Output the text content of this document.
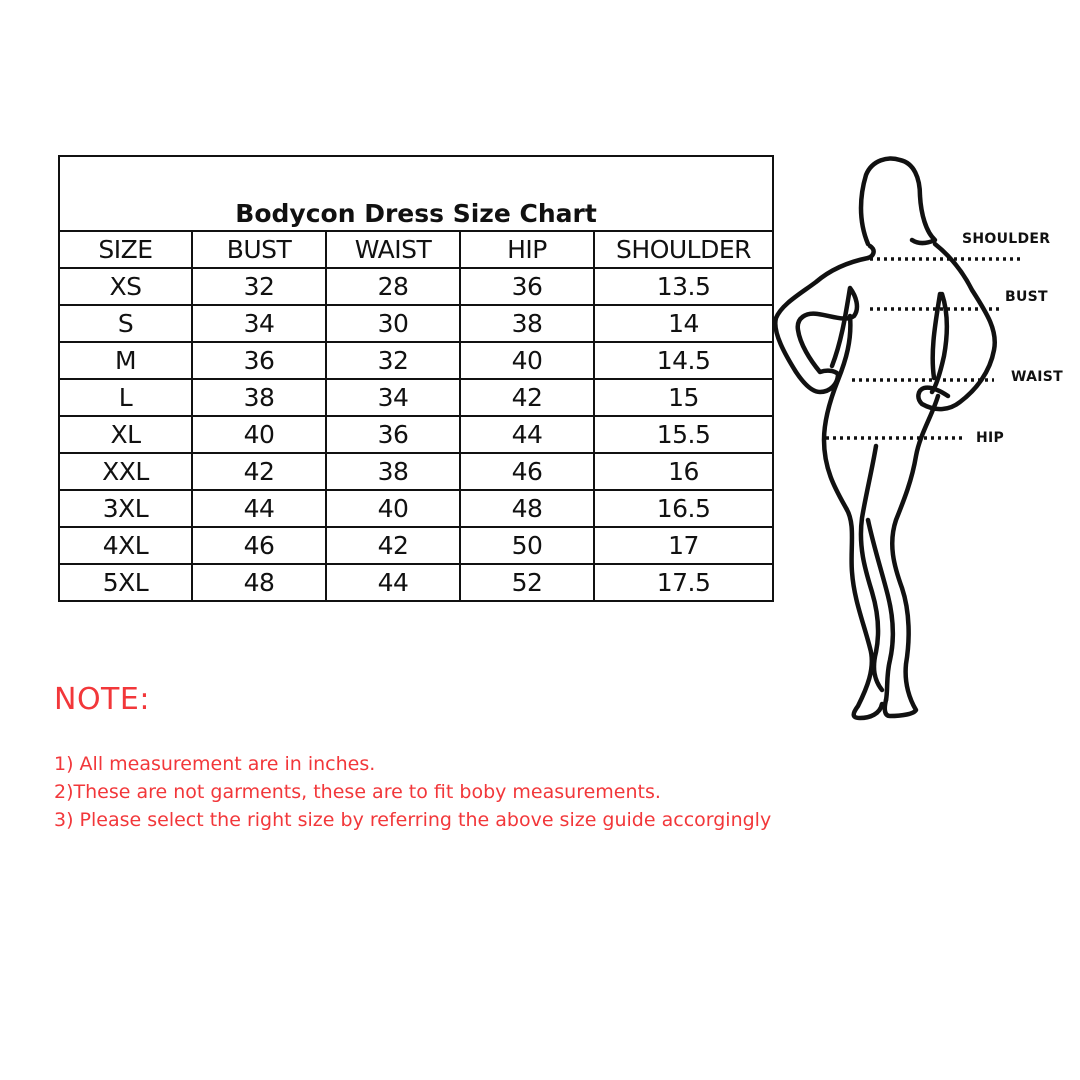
Bodycon Dress Size Chart				
SIZE	BUST	WAIST	HIP	SHOULDER
XS	32	28	36	13.5
S	34	30	38	14
M	36	32	40	14.5
L	38	34	42	15
XL	40	36	44	15.5
XXL	42	38	46	16
3XL	44	40	48	16.5
4XL	46	42	50	17
5XL	48	44	52	17.5
NOTE:
1) All measurement are in inches.
2)These are not garments, these are to fit boby measurements.
3) Please select the right size by referring the above size guide accorgingly
SHOULDER
BUST
WAIST
HIP
